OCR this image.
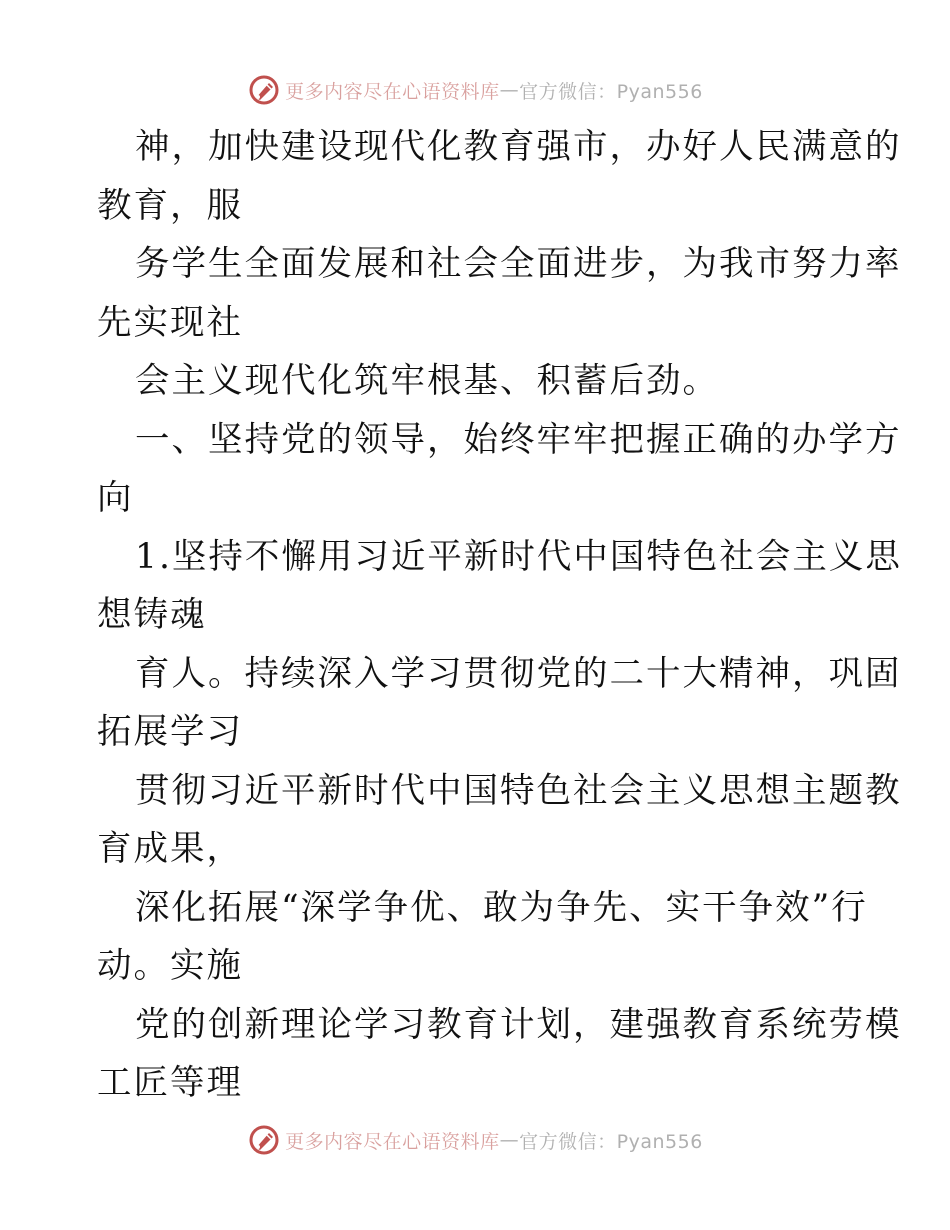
更多内容尽在心语资料库 — 官方微信：Pyan556

神，加快建设现代化教育强市，办好人民满意的

教育，服

务学生全面发展和社会全面进步，为我市努力率

先实现社

会主义现代化筑牢根基、积蓄后劲。

一、坚持党的领导，始终牢牢把握正确的办学方

向

1.坚持不懈用习近平新时代中国特色社会主义思

想铸魂

育人。持续深入学习贯彻党的二十大精神，巩固

拓展学习

贯彻习近平新时代中国特色社会主义思想主题教

育成果，

深化拓展“深学争优、敢为争先、实干争效”行

动。实施

党的创新理论学习教育计划，建强教育系统劳模

工匠等理

更多内容尽在心语资料库 — 官方微信：Pyan556
